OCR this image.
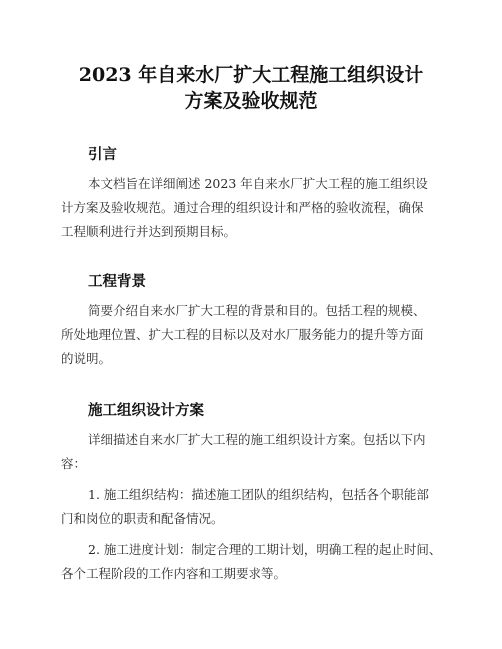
2023 年自来水厂扩大工程施工组织设计
方案及验收规范
引言
本文档旨在详细阐述 2023 年自来水厂扩大工程的施工组织设
计方案及验收规范。通过合理的组织设计和严格的验收流程，确保
工程顺利进行并达到预期目标。
工程背景
简要介绍自来水厂扩大工程的背景和目的。包括工程的规模、
所处地理位置、扩大工程的目标以及对水厂服务能力的提升等方面
的说明。
施工组织设计方案
详细描述自来水厂扩大工程的施工组织设计方案。包括以下内
容：
1. 施工组织结构：描述施工团队的组织结构，包括各个职能部
门和岗位的职责和配备情况。
2. 施工进度计划：制定合理的工期计划，明确工程的起止时间、
各个工程阶段的工作内容和工期要求等。
